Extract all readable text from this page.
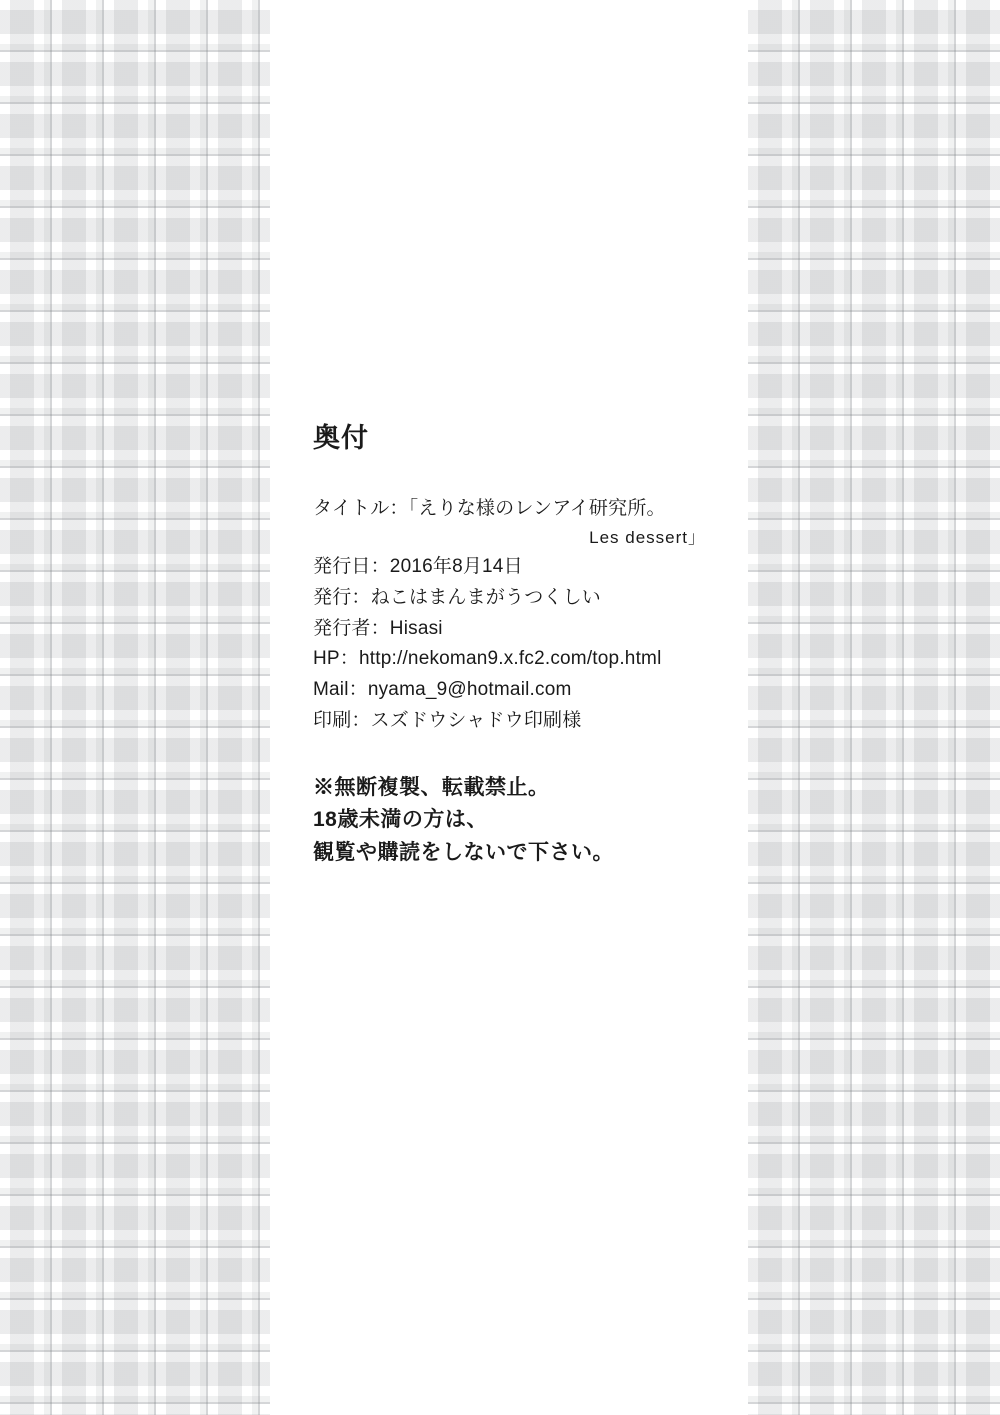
奥付
タイトル：「えりな様のレンアイ研究所。
Les dessert」
発行日：2016年8月14日
発行：ねこはまんまがうつくしい
発行者：Hisasi
HP：http://nekoman9.x.fc2.com/top.html
Mail：nyama_9@hotmail.com
印刷：スズドウシャドウ印刷様
※無断複製、転載禁止。
18歳未満の方は、
観覧や購読をしないで下さい。
